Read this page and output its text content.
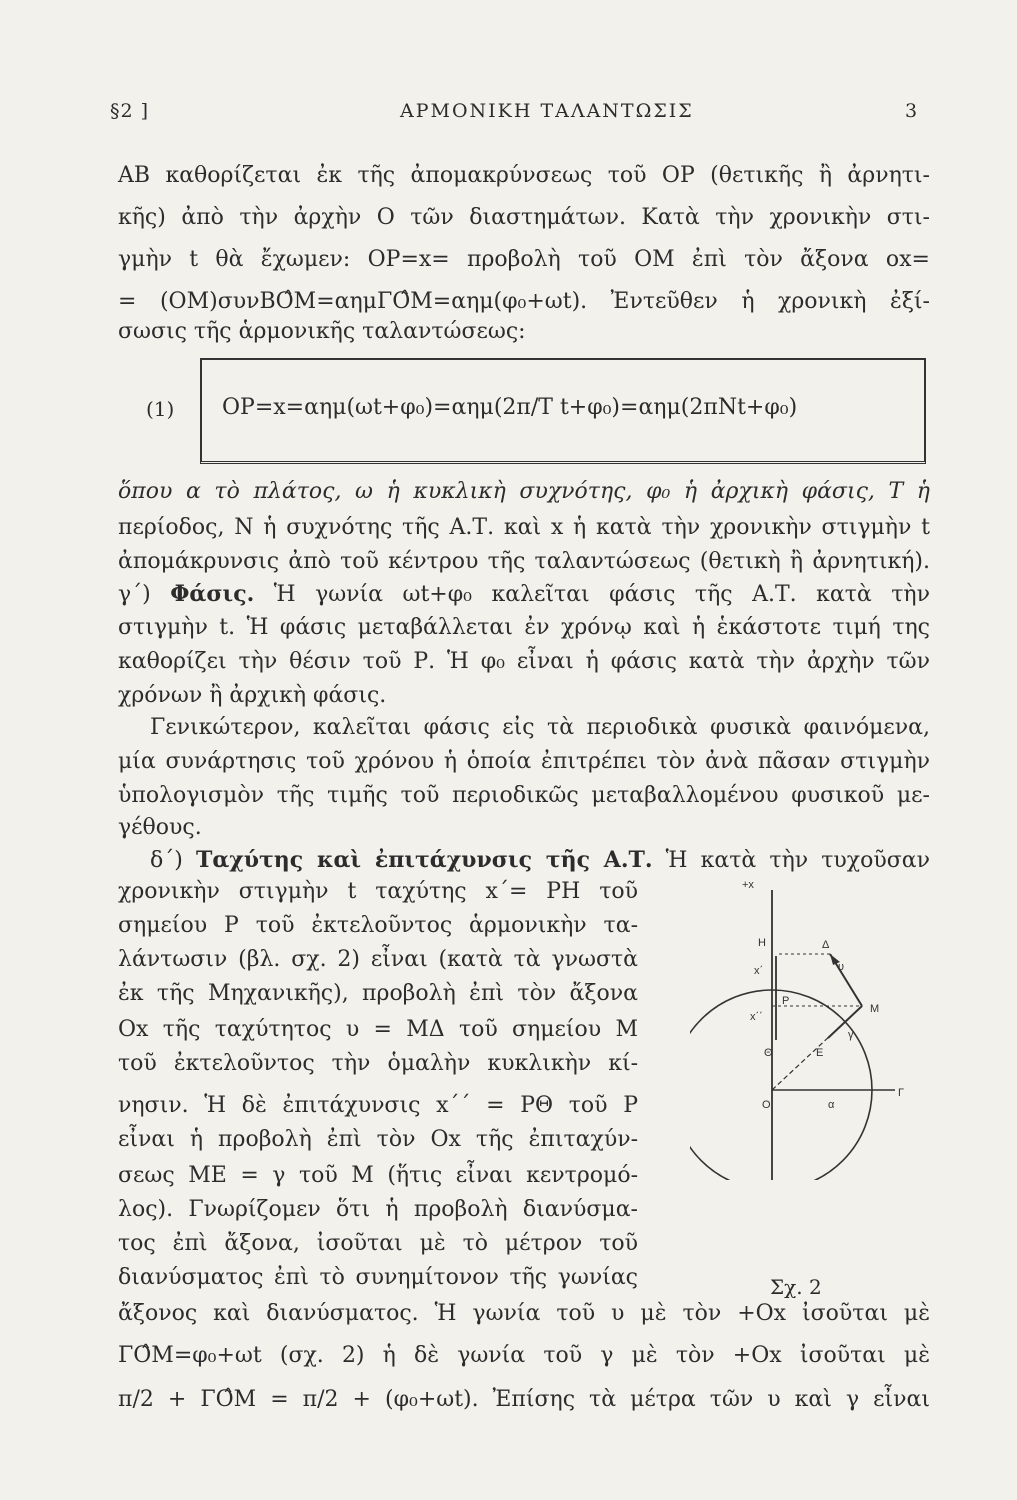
§2 ]	ΑΡΜΟΝΙΚΗ ΤΑΛΑΝΤΩΣΙΣ	3
ΑΒ καθορίζεται ἐκ τῆς ἀπομακρύνσεως τοῦ ΟΡ (θετικῆς ἢ ἀρνητι-
κῆς) ἀπὸ τὴν ἀρχὴν Ο τῶν διαστημάτων. Κατὰ τὴν χρονικὴν στι-
γμὴν t θὰ ἔχωμεν: ΟΡ=x= προβολὴ τοῦ ΟΜ ἐπὶ τὸν ἄξονα ox=
= (ΟΜ)συνΒΟ̂Μ=αημΓΟ̂Μ=αημ(φ₀+ωt). Ἐντεῦθεν ἡ χρονικὴ ἐξί-
σωσις τῆς ἁρμονικῆς ταλαντώσεως:
(1) ΟΡ=x=αημ(ωt+φ₀)=αημ(2π/T t+φ₀)=αημ(2πΝt+φ₀)
ὅπου α τὸ πλάτος, ω ἡ κυκλικὴ συχνότης, φ₀ ἡ ἀρχικὴ φάσις, Τ ἡ
περίοδος, Ν ἡ συχνότης τῆς Α.Τ. καὶ x ἡ κατὰ τὴν χρονικὴν στιγμὴν t
ἀπομάκρυνσις ἀπὸ τοῦ κέντρου τῆς ταλαντώσεως (θετικὴ ἢ ἀρνητική).
γ΄) Φάσις. Ἡ γωνία ωt+φ₀ καλεῖται φάσις τῆς Α.Τ. κατὰ τὴν
στιγμὴν t. Ἡ φάσις μεταβάλλεται ἐν χρόνῳ καὶ ἡ ἑκάστοτε τιμή της
καθορίζει τὴν θέσιν τοῦ Ρ. Ἡ φ₀ εἶναι ἡ φάσις κατὰ τὴν ἀρχὴν τῶν
χρόνων ἢ ἀρχικὴ φάσις.
Γενικώτερον, καλεῖται φάσις εἰς τὰ περιοδικὰ φυσικὰ φαινόμενα,
μία συνάρτησις τοῦ χρόνου ἡ ὁποία ἐπιτρέπει τὸν ἀνὰ πᾶσαν στιγμὴν
ὑπολογισμὸν τῆς τιμῆς τοῦ περιοδικῶς μεταβαλλομένου φυσικοῦ με-
γέθους.
δ΄) Ταχύτης καὶ ἐπιτάχυνσις τῆς Α.Τ. Ἡ κατὰ τὴν τυχοῦσαν
χρονικὴν στιγμὴν t ταχύτης x΄= ΡΗ τοῦ
σημείου Ρ τοῦ ἐκτελοῦντος ἁρμονικὴν τα-
λάντωσιν (βλ. σχ. 2) εἶναι (κατὰ τὰ γνωστὰ
ἐκ τῆς Μηχανικῆς), προβολὴ ἐπὶ τὸν ἄξονα
Οx τῆς ταχύτητος υ = ΜΔ τοῦ σημείου Μ
τοῦ ἐκτελοῦντος τὴν ὁμαλὴν κυκλικὴν κί-
νησιν. Ἡ δὲ ἐπιτάχυνσις x΄΄ = ΡΘ τοῦ Ρ
εἶναι ἡ προβολὴ ἐπὶ τὸν Οx τῆς ἐπιταχύν-
σεως ΜΕ = γ τοῦ Μ (ἥτις εἶναι κεντρομό-
λος). Γνωρίζομεν ὅτι ἡ προβολὴ διανύσμα-
τος ἐπὶ ἄξονα, ἰσοῦται μὲ τὸ μέτρον τοῦ
διανύσματος ἐπὶ τὸ συνημίτονον τῆς γωνίας
ἄξονος καὶ διανύσματος. Ἡ γωνία τοῦ υ μὲ τὸν +Οx ἰσοῦται μὲ
ΓΟ̂Μ=φ₀+ωt (σχ. 2) ἡ δὲ γωνία τοῦ γ μὲ τὸν +Οx ἰσοῦται μὲ
π/2 + ΓΟ̂Μ = π/2 + (φ₀+ωt). Ἐπίσης τὰ μέτρα τῶν υ καὶ γ εἶναι
+x
Η	Δ
υ
x΄
Ρ
Μ
x΄΄
γ
Θ	Ε
Ο	α
Γ
Σχ. 2
